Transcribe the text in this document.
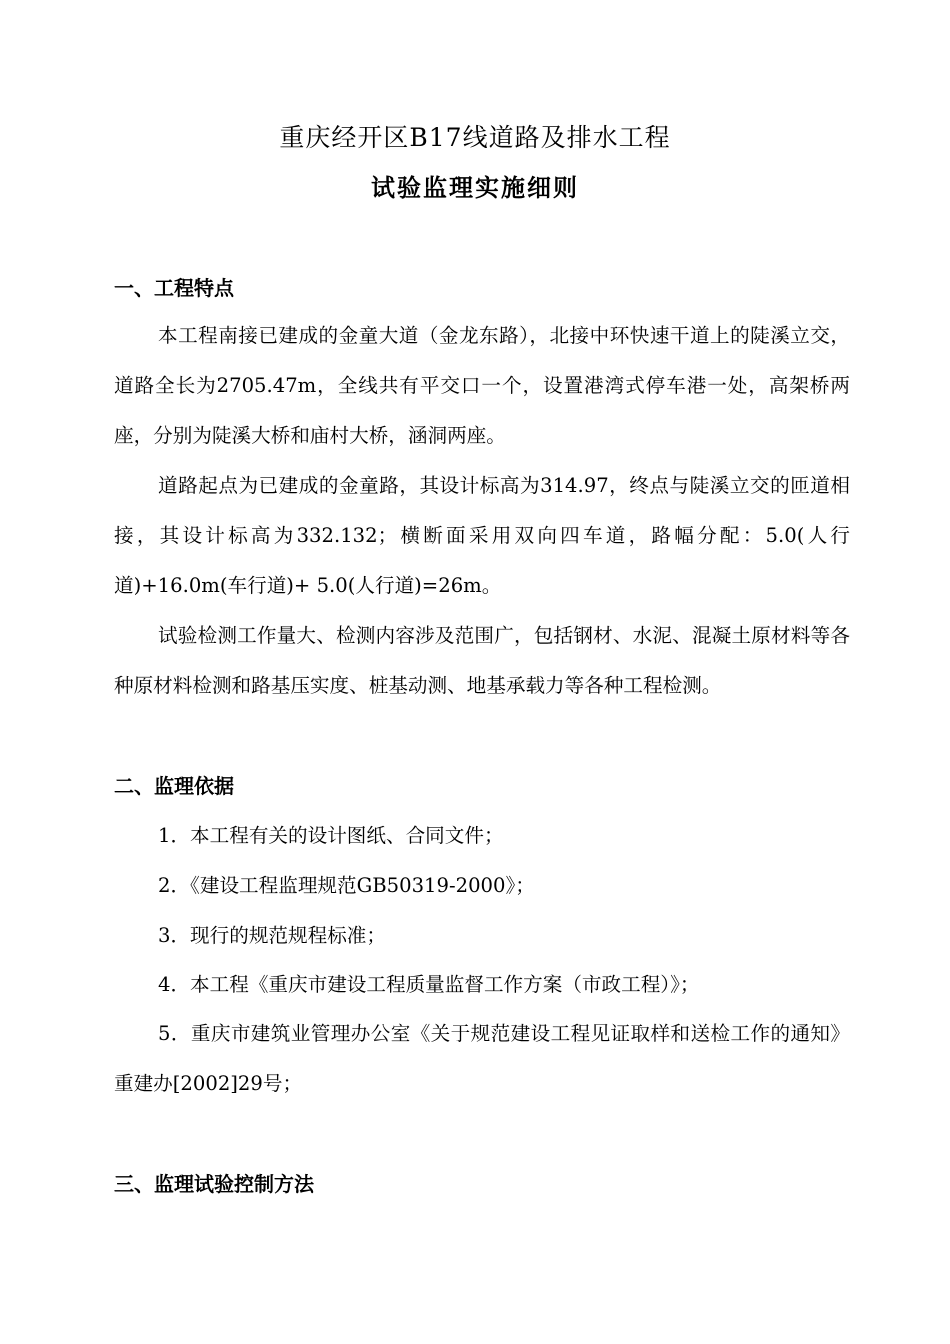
重庆经开区B17线道路及排水工程
试验监理实施细则
一、工程特点
本工程南接已建成的金童大道（金龙东路），北接中环快速干道上的陡溪立交，道路全长为2705.47m，全线共有平交口一个，设置港湾式停车港一处，高架桥两座，分别为陡溪大桥和庙村大桥，涵洞两座。
道路起点为已建成的金童路，其设计标高为314.97，终点与陡溪立交的匝道相接，其设计标高为332.132；横断面采用双向四车道，路幅分配：5.0(人行道)+16.0m(车行道)+ 5.0(人行道)=26m。
试验检测工作量大、检测内容涉及范围广，包括钢材、水泥、混凝土原材料等各种原材料检测和路基压实度、桩基动测、地基承载力等各种工程检测。
二、监理依据
1．本工程有关的设计图纸、合同文件；
2．《建设工程监理规范GB50319-2000》；
3．现行的规范规程标准；
4．本工程《重庆市建设工程质量监督工作方案（市政工程）》；
5．重庆市建筑业管理办公室《关于规范建设工程见证取样和送检工作的通知》重建办[2002]29号；
三、监理试验控制方法
